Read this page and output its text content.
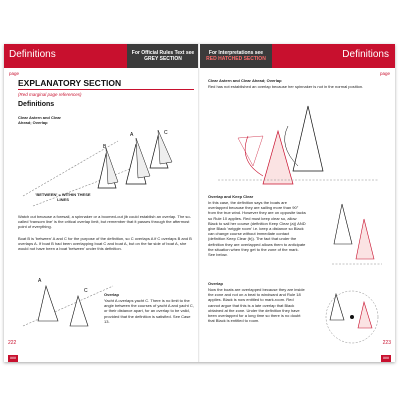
Definitions	For Official Rules Text see GREY SECTION
page
EXPLANATORY SECTION
(Red marginal page references)
Definitions
Clear Astern and Clear Ahead; Overlap
A
B
C
'BETWEEN' = WITHIN THESE LINES
Watch out because a foresail, a spinnaker or a boomed-out jib could establish an overlap. The so-called 'transom line' is the critical overlap limit, but remember that it passes through the aftermost point of everything.
Boat B is 'between' A and C for the purpose of the definition, so C overlaps A if C overlaps B and B overlaps A. If boat B had been overlapping boat C and boat A, but on the far side of boat A, she would not have been a boat 'between' under this definition.
A
C
Overlap
Yacht A overlaps yacht C. There is no limit to the angle between the courses of yacht A and yacht C, or their distance apart, for an overlap to be valid, provided that the definition is satisfied. See Case 13.
222
###
For Interpretations see
RED HATCHED SECTION	Definitions
page
Clear Astern and Clear Ahead; Overlap
Red has not established an overlap because her spinnaker is not in the normal position.
Overlap and Keep Clear
In this case, the definition says the boats are overlapped because they are sailing more than 90° from the true wind. However they are on opposite tacks so Rule 10 applies. Red must keep clear so, allow Black to sail her course (definition Keep Clear (a)) AND give Black 'wriggle room' i.e. keep a distance so Black can change course without immediate contact (definition Keep Clear (b)). The fact that under the definition they are overlapped allows them to anticipate the situation when they get to the zone of the mark. See below.
Overlap
Now the boats are overlapped because they are inside the zone and not on a beat to windward and Rule 18 applies. Black is now entitled to mark-room. Red cannot argue that this is a late overlap that Black obtained at the zone. Under the definition they have been overlapped for a long time so there is no doubt that Black is entitled to room.
223
###
